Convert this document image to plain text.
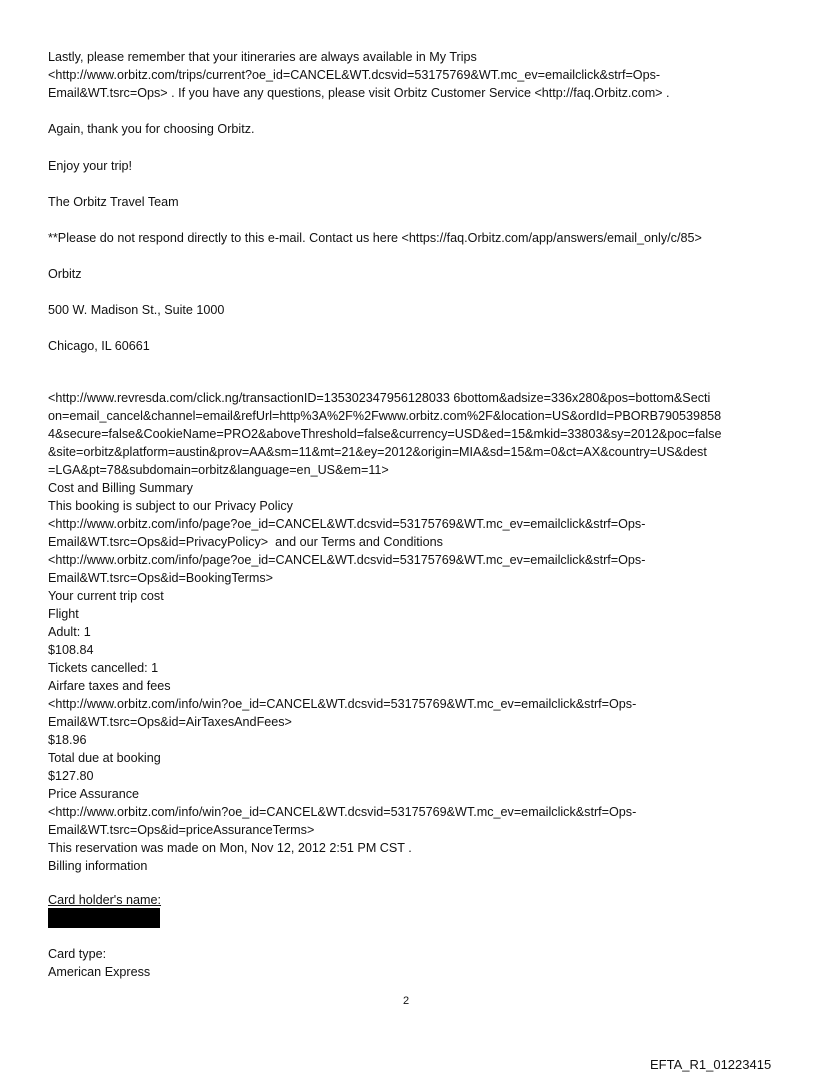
Lastly, please remember that your itineraries are always available in My Trips
<http://www.orbitz.com/trips/current?oe_id=CANCEL&WT.dcsvid=53175769&WT.mc_ev=emailclick&strf=Ops-
Email&WT.tsrc=Ops> . If you have any questions, please visit Orbitz Customer Service <http://faq.Orbitz.com> .
Again, thank you for choosing Orbitz.
Enjoy your trip!
The Orbitz Travel Team
**Please do not respond directly to this e-mail. Contact us here <https://faq.Orbitz.com/app/answers/email_only/c/85>
Orbitz
500 W. Madison St., Suite 1000
Chicago, IL 60661
<http://www.revresda.com/click.ng/transactionID=135302347956128033 6bottom&adsize=336x280&pos=bottom&Secti
on=email_cancel&channel=email&refUrl=http%3A%2F%2Fwww.orbitz.com%2F&location=US&ordId=PBORB790539858
4&secure=false&CookieName=PRO2&aboveThreshold=false&currency=USD&ed=15&mkid=33803&sy=2012&poc=false
&site=orbitz&platform=austin&prov=AA&sm=11&mt=21&ey=2012&origin=MIA&sd=15&m=0&ct=AX&country=US&dest
=LGA&pt=78&subdomain=orbitz&language=en_US&em=11>
Cost and Billing Summary
This booking is subject to our Privacy Policy
<http://www.orbitz.com/info/page?oe_id=CANCEL&WT.dcsvid=53175769&WT.mc_ev=emailclick&strf=Ops-
Email&WT.tsrc=Ops&id=PrivacyPolicy>  and our Terms and Conditions
<http://www.orbitz.com/info/page?oe_id=CANCEL&WT.dcsvid=53175769&WT.mc_ev=emailclick&strf=Ops-
Email&WT.tsrc=Ops&id=BookingTerms>
Your current trip cost
Flight
Adult: 1
$108.84
Tickets cancelled: 1
Airfare taxes and fees
<http://www.orbitz.com/info/win?oe_id=CANCEL&WT.dcsvid=53175769&WT.mc_ev=emailclick&strf=Ops-
Email&WT.tsrc=Ops&id=AirTaxesAndFees>
$18.96
Total due at booking
$127.80
Price Assurance
<http://www.orbitz.com/info/win?oe_id=CANCEL&WT.dcsvid=53175769&WT.mc_ev=emailclick&strf=Ops-
Email&WT.tsrc=Ops&id=priceAssuranceTerms>
This reservation was made on Mon, Nov 12, 2012 2:51 PM CST .
Billing information
Card holder's name:
Card type:
American Express
2
EFTA_R1_01223415
